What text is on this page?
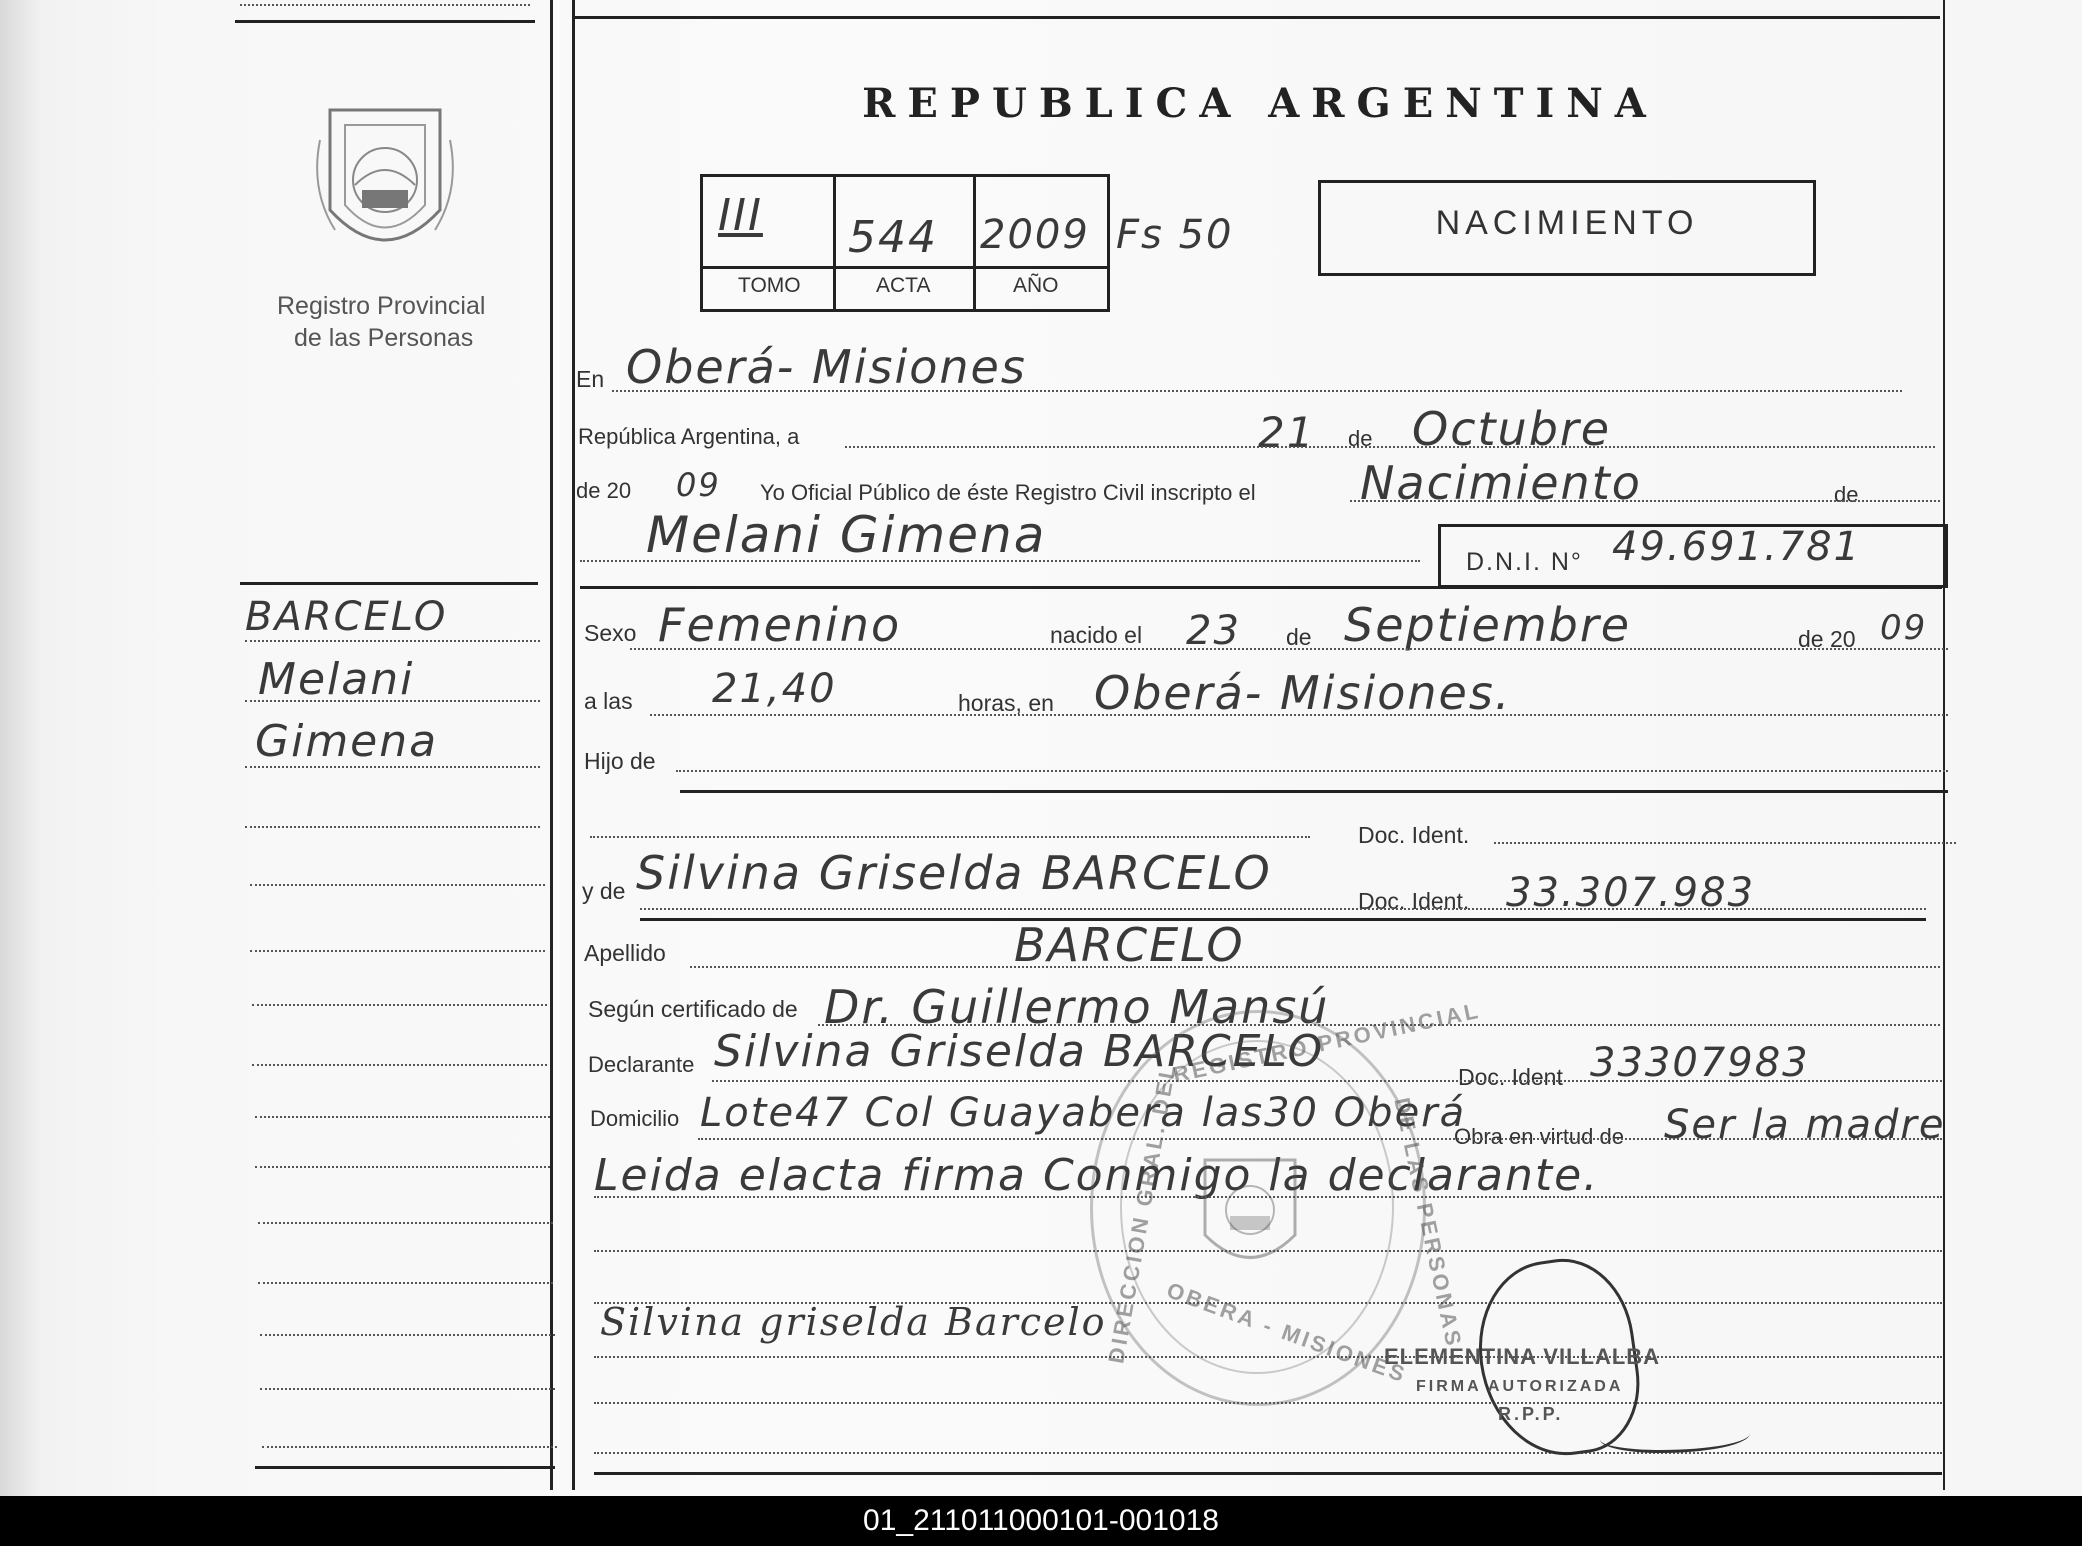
Registro Provincial
de las Personas
REPUBLICA ARGENTINA
III 544 2009 Fs 50
TOMO	ACTA	AÑO
NACIMIENTO
BARCELO
Melani
Gimena
En Oberá- Misiones
República Argentina, a	21 de Octubre
de 20 09 Yo Oficial Público de éste Registro Civil inscripto el Nacimiento	de
Melani Gimena	D.N.I. N° 49.691.781
Sexo Femenino	nacido el 23 de Septiembre	de 20 09
a las 21,40	horas, en Oberá- Misiones.
Hijo de
Doc. Ident.
y de Silvina Griselda BARCELO
Doc. Ident. 33.307.983
Apellido	BARCELO
Según certificado de Dr. Guillermo Mansú
Declarante Silvina Griselda BARCELO	Doc. Ident 33307983
Domicilio Lote47 Col Guayabera las30 Oberá
Obra en virtud de Ser la madre
Leida elacta firma Conmigo la declarante.
Silvina griselda Barcelo
REGISTRO PROVINCIAL
DIRECCION GRAL. DEL	DE LAS PERSONAS
OBERA - MISIONES
ELEMENTINA VILLALBA
FIRMA AUTORIZADA
R.P.P.
01_211011000101-001018
